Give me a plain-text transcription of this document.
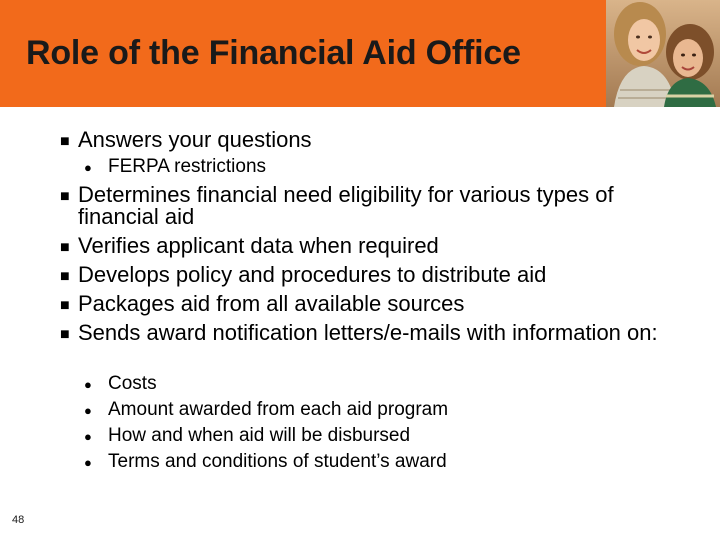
Role of the Financial Aid Office
■ Answers your questions
● FERPA restrictions
■ Determines financial need eligibility for various types of financial aid
■ Verifies applicant data when required
■ Develops policy and procedures to distribute aid
■ Packages aid from all available sources
■ Sends award notification letters/e-mails with information on:
● Costs
● Amount awarded from each aid program
● How and when aid will be disbursed
● Terms and conditions of student’s award
48
